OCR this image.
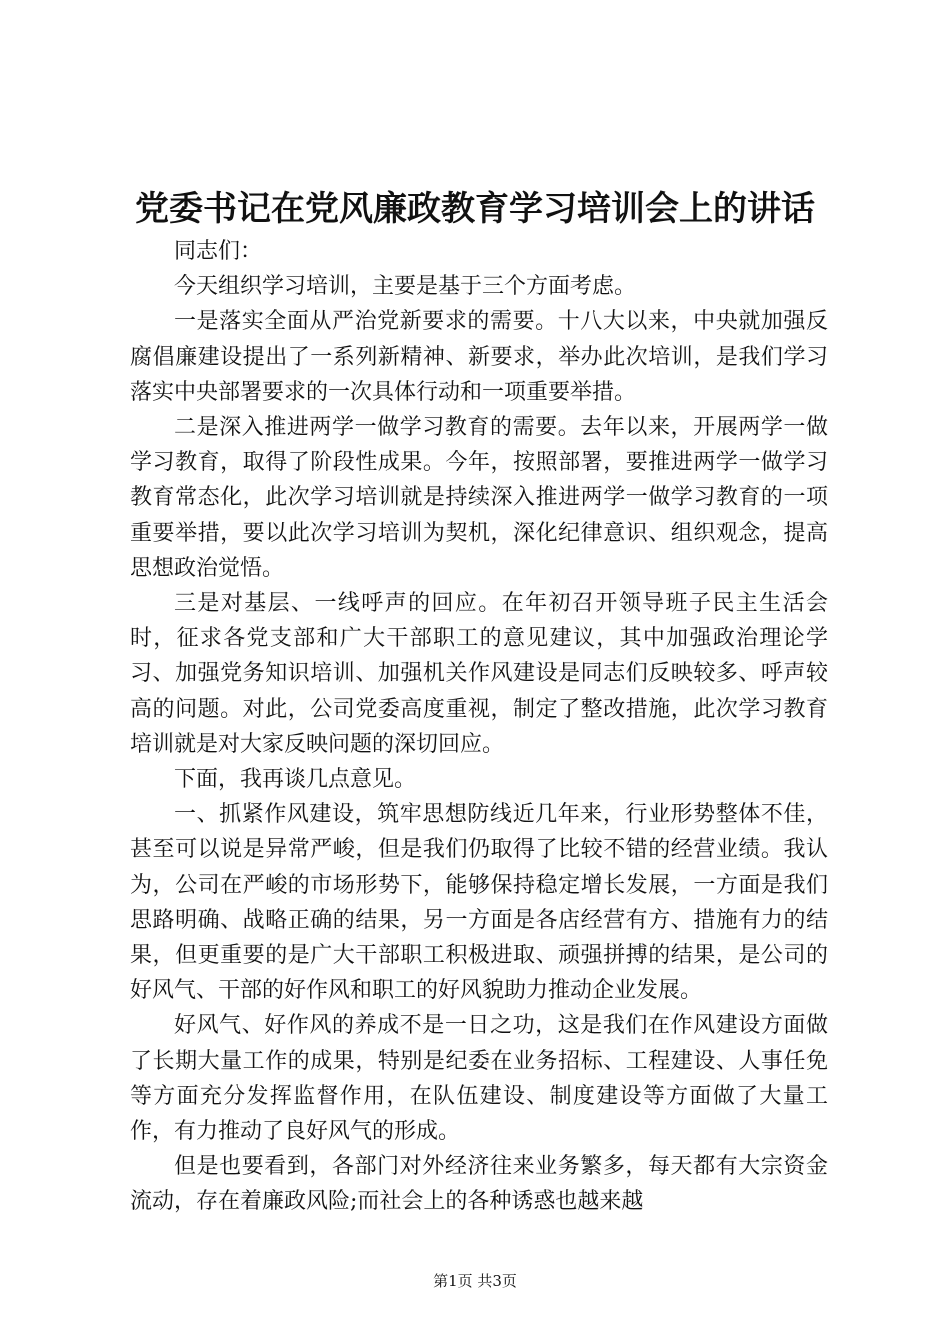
党委书记在党风廉政教育学习培训会上的讲话

同志们：

今天组织学习培训，主要是基于三个方面考虑。

一是落实全面从严治党新要求的需要。十八大以来，中央就加强反腐倡廉建设提出了一系列新精神、新要求，举办此次培训，是我们学习落实中央部署要求的一次具体行动和一项重要举措。

二是深入推进两学一做学习教育的需要。去年以来，开展两学一做学习教育，取得了阶段性成果。今年，按照部署，要推进两学一做学习教育常态化，此次学习培训就是持续深入推进两学一做学习教育的一项重要举措，要以此次学习培训为契机，深化纪律意识、组织观念，提高思想政治觉悟。

三是对基层、一线呼声的回应。在年初召开领导班子民主生活会时，征求各党支部和广大干部职工的意见建议，其中加强政治理论学习、加强党务知识培训、加强机关作风建设是同志们反映较多、呼声较高的问题。对此，公司党委高度重视，制定了整改措施，此次学习教育培训就是对大家反映问题的深切回应。

下面，我再谈几点意见。

一、抓紧作风建设，筑牢思想防线近几年来，行业形势整体不佳，甚至可以说是异常严峻，但是我们仍取得了比较不错的经营业绩。我认为，公司在严峻的市场形势下，能够保持稳定增长发展，一方面是我们思路明确、战略正确的结果，另一方面是各店经营有方、措施有力的结果，但更重要的是广大干部职工积极进取、顽强拼搏的结果，是公司的好风气、干部的好作风和职工的好风貌助力推动企业发展。

好风气、好作风的养成不是一日之功，这是我们在作风建设方面做了长期大量工作的成果，特别是纪委在业务招标、工程建设、人事任免等方面充分发挥监督作用，在队伍建设、制度建设等方面做了大量工作，有力推动了良好风气的形成。

但是也要看到，各部门对外经济往来业务繁多，每天都有大宗资金流动，存在着廉政风险;而社会上的各种诱惑也越来越

第1页 共3页
